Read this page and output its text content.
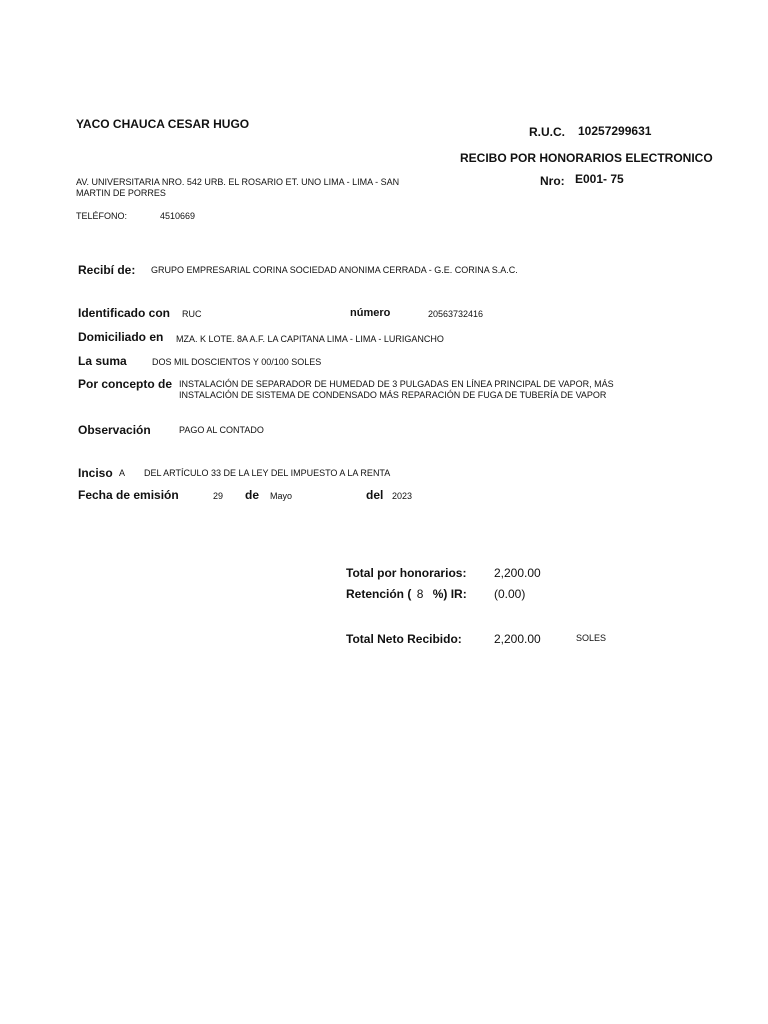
YACO CHAUCA CESAR HUGO
AV. UNIVERSITARIA NRO. 542 URB. EL ROSARIO ET. UNO LIMA - LIMA - SAN
MARTIN DE PORRES
TELÉFONO:	4510669
R.U.C. 10257299631
RECIBO POR HONORARIOS ELECTRONICO
Nro: E001- 75
Recibí de: GRUPO EMPRESARIAL CORINA SOCIEDAD ANONIMA CERRADA - G.E. CORINA S.A.C.
Identificado con RUC	número	20563732416
Domiciliado en MZA. K LOTE. 8A A.F. LA CAPITANA LIMA - LIMA - LURIGANCHO
La suma	DOS MIL DOSCIENTOS Y 00/100 SOLES
Por concepto de INSTALACIÓN DE SEPARADOR DE HUMEDAD DE 3 PULGADAS EN LÍNEA PRINCIPAL DE VAPOR, MÁS
INSTALACIÓN DE SISTEMA DE CONDENSADO MÁS REPARACIÓN DE FUGA DE TUBERÍA DE VAPOR
Observación	PAGO AL CONTADO
Inciso A DEL ARTÍCULO 33 DE LA LEY DEL IMPUESTO A LA RENTA
Fecha de emisión	29 de Mayo	del 2023
Total por honorarios: 2,200.00
Retención ( 8 %) IR: (0.00)
Total Neto Recibido:	2,200.00	SOLES
